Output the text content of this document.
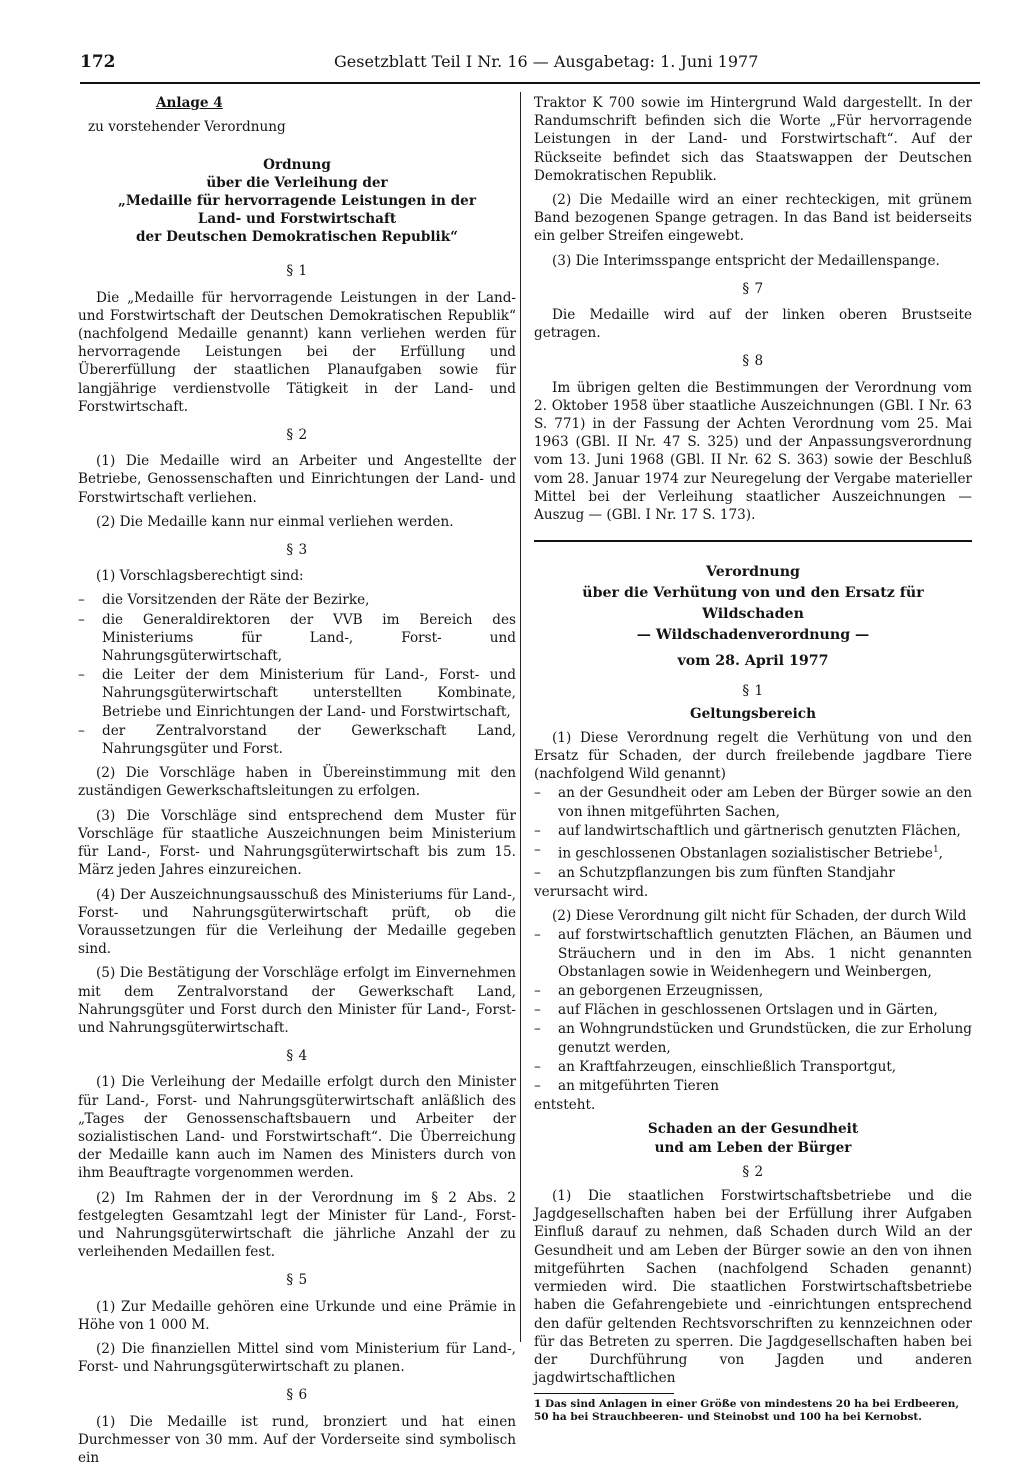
172	Gesetzblatt Teil I Nr. 16 — Ausgabetag: 1. Juni 1977
Anlage 4
zu vorstehender Verordnung
Ordnung
über die Verleihung der
„Medaille für hervorragende Leistungen in der
Land- und Forstwirtschaft
der Deutschen Demokratischen Republik“
§ 1

Die „Medaille für hervorragende Leistungen in der Land- und Forstwirtschaft der Deutschen Demokratischen Republik“ (nachfolgend Medaille genannt) kann verliehen werden für hervorragende Leistungen bei der Erfüllung und Übererfüllung der staatlichen Planaufgaben sowie für langjährige verdienstvolle Tätigkeit in der Land- und Forstwirtschaft.

§ 2

(1) Die Medaille wird an Arbeiter und Angestellte der Betriebe, Genossenschaften und Einrichtungen der Land- und Forstwirtschaft verliehen.

(2) Die Medaille kann nur einmal verliehen werden.

§ 3

(1) Vorschlagsberechtigt sind:

– die Vorsitzenden der Räte der Bezirke,
– die Generaldirektoren der VVB im Bereich des Ministeriums für Land-, Forst- und Nahrungsgüterwirtschaft,
– die Leiter der dem Ministerium für Land-, Forst- und Nahrungsgüterwirtschaft unterstellten Kombinate, Betriebe und Einrichtungen der Land- und Forstwirtschaft,
– der Zentralvorstand der Gewerkschaft Land, Nahrungsgüter und Forst.

(2) Die Vorschläge haben in Übereinstimmung mit den zuständigen Gewerkschaftsleitungen zu erfolgen.

(3) Die Vorschläge sind entsprechend dem Muster für Vorschläge für staatliche Auszeichnungen beim Ministerium für Land-, Forst- und Nahrungsgüterwirtschaft bis zum 15. März jeden Jahres einzureichen.

(4) Der Auszeichnungsausschuß des Ministeriums für Land-, Forst- und Nahrungsgüterwirtschaft prüft, ob die Voraussetzungen für die Verleihung der Medaille gegeben sind.

(5) Die Bestätigung der Vorschläge erfolgt im Einvernehmen mit dem Zentralvorstand der Gewerkschaft Land, Nahrungsgüter und Forst durch den Minister für Land-, Forst- und Nahrungsgüterwirtschaft.

§ 4

(1) Die Verleihung der Medaille erfolgt durch den Minister für Land-, Forst- und Nahrungsgüterwirtschaft anläßlich des „Tages der Genossenschaftsbauern und Arbeiter der sozialistischen Land- und Forstwirtschaft“. Die Überreichung der Medaille kann auch im Namen des Ministers durch von ihm Beauftragte vorgenommen werden.

(2) Im Rahmen der in der Verordnung im § 2 Abs. 2 festgelegten Gesamtzahl legt der Minister für Land-, Forst- und Nahrungsgüterwirtschaft die jährliche Anzahl der zu verleihenden Medaillen fest.

§ 5

(1) Zur Medaille gehören eine Urkunde und eine Prämie in Höhe von 1 000 M.

(2) Die finanziellen Mittel sind vom Ministerium für Land-, Forst- und Nahrungsgüterwirtschaft zu planen.

§ 6

(1) Die Medaille ist rund, bronziert und hat einen Durchmesser von 30 mm. Auf der Vorderseite sind symbolisch ein

Traktor K 700 sowie im Hintergrund Wald dargestellt. In der Randumschrift befinden sich die Worte „Für hervorragende Leistungen in der Land- und Forstwirtschaft“. Auf der Rückseite befindet sich das Staatswappen der Deutschen Demokratischen Republik.

(2) Die Medaille wird an einer rechteckigen, mit grünem Band bezogenen Spange getragen. In das Band ist beiderseits ein gelber Streifen eingewebt.

(3) Die Interimsspange entspricht der Medaillenspange.

§ 7

Die Medaille wird auf der linken oberen Brustseite getragen.

§ 8

Im übrigen gelten die Bestimmungen der Verordnung vom 2. Oktober 1958 über staatliche Auszeichnungen (GBl. I Nr. 63 S. 771) in der Fassung der Achten Verordnung vom 25. Mai 1963 (GBl. II Nr. 47 S. 325) und der Anpassungsverordnung vom 13. Juni 1968 (GBl. II Nr. 62 S. 363) sowie der Beschluß vom 28. Januar 1974 zur Neuregelung der Vergabe materieller Mittel bei der Verleihung staatlicher Auszeichnungen — Auszug — (GBl. I Nr. 17 S. 173).

Verordnung
über die Verhütung von und den Ersatz für Wildschaden
— Wildschadenverordnung —
vom 28. April 1977
§ 1
Geltungsbereich

(1) Diese Verordnung regelt die Verhütung von und den Ersatz für Schaden, der durch freilebende jagdbare Tiere (nachfolgend Wild genannt)

– an der Gesundheit oder am Leben der Bürger sowie an den von ihnen mitgeführten Sachen,
– auf landwirtschaftlich und gärtnerisch genutzten Flächen,
– in geschlossenen Obstanlagen sozialistischer Betriebe$^1$,
– an Schutzpflanzungen bis zum fünften Standjahr

verursacht wird.

(2) Diese Verordnung gilt nicht für Schaden, der durch Wild

– auf forstwirtschaftlich genutzten Flächen, an Bäumen und Sträuchern und in den im Abs. 1 nicht genannten Obstanlagen sowie in Weidenhegern und Weinbergen,
– an geborgenen Erzeugnissen,
– auf Flächen in geschlossenen Ortslagen und in Gärten,
– an Wohngrundstücken und Grundstücken, die zur Erholung genutzt werden,
– an Kraftfahrzeugen, einschließlich Transportgut,
– an mitgeführten Tieren

entsteht.

Schaden an der Gesundheit
und am Leben der Bürger
§ 2

(1) Die staatlichen Forstwirtschaftsbetriebe und die Jagdgesellschaften haben bei der Erfüllung ihrer Aufgaben Einfluß darauf zu nehmen, daß Schaden durch Wild an der Gesundheit und am Leben der Bürger sowie an den von ihnen mitgeführten Sachen (nachfolgend Schaden genannt) vermieden wird. Die staatlichen Forstwirtschaftsbetriebe haben die Gefahrengebiete und -einrichtungen entsprechend den dafür geltenden Rechtsvorschriften zu kennzeichnen oder für das Betreten zu sperren. Die Jagdgesellschaften haben bei der Durchführung von Jagden und anderen jagdwirtschaftlichen

1 Das sind Anlagen in einer Größe von mindestens 20 ha bei Erdbeeren, 50 ha bei Strauchbeeren- und Steinobst und 100 ha bei Kernobst.
